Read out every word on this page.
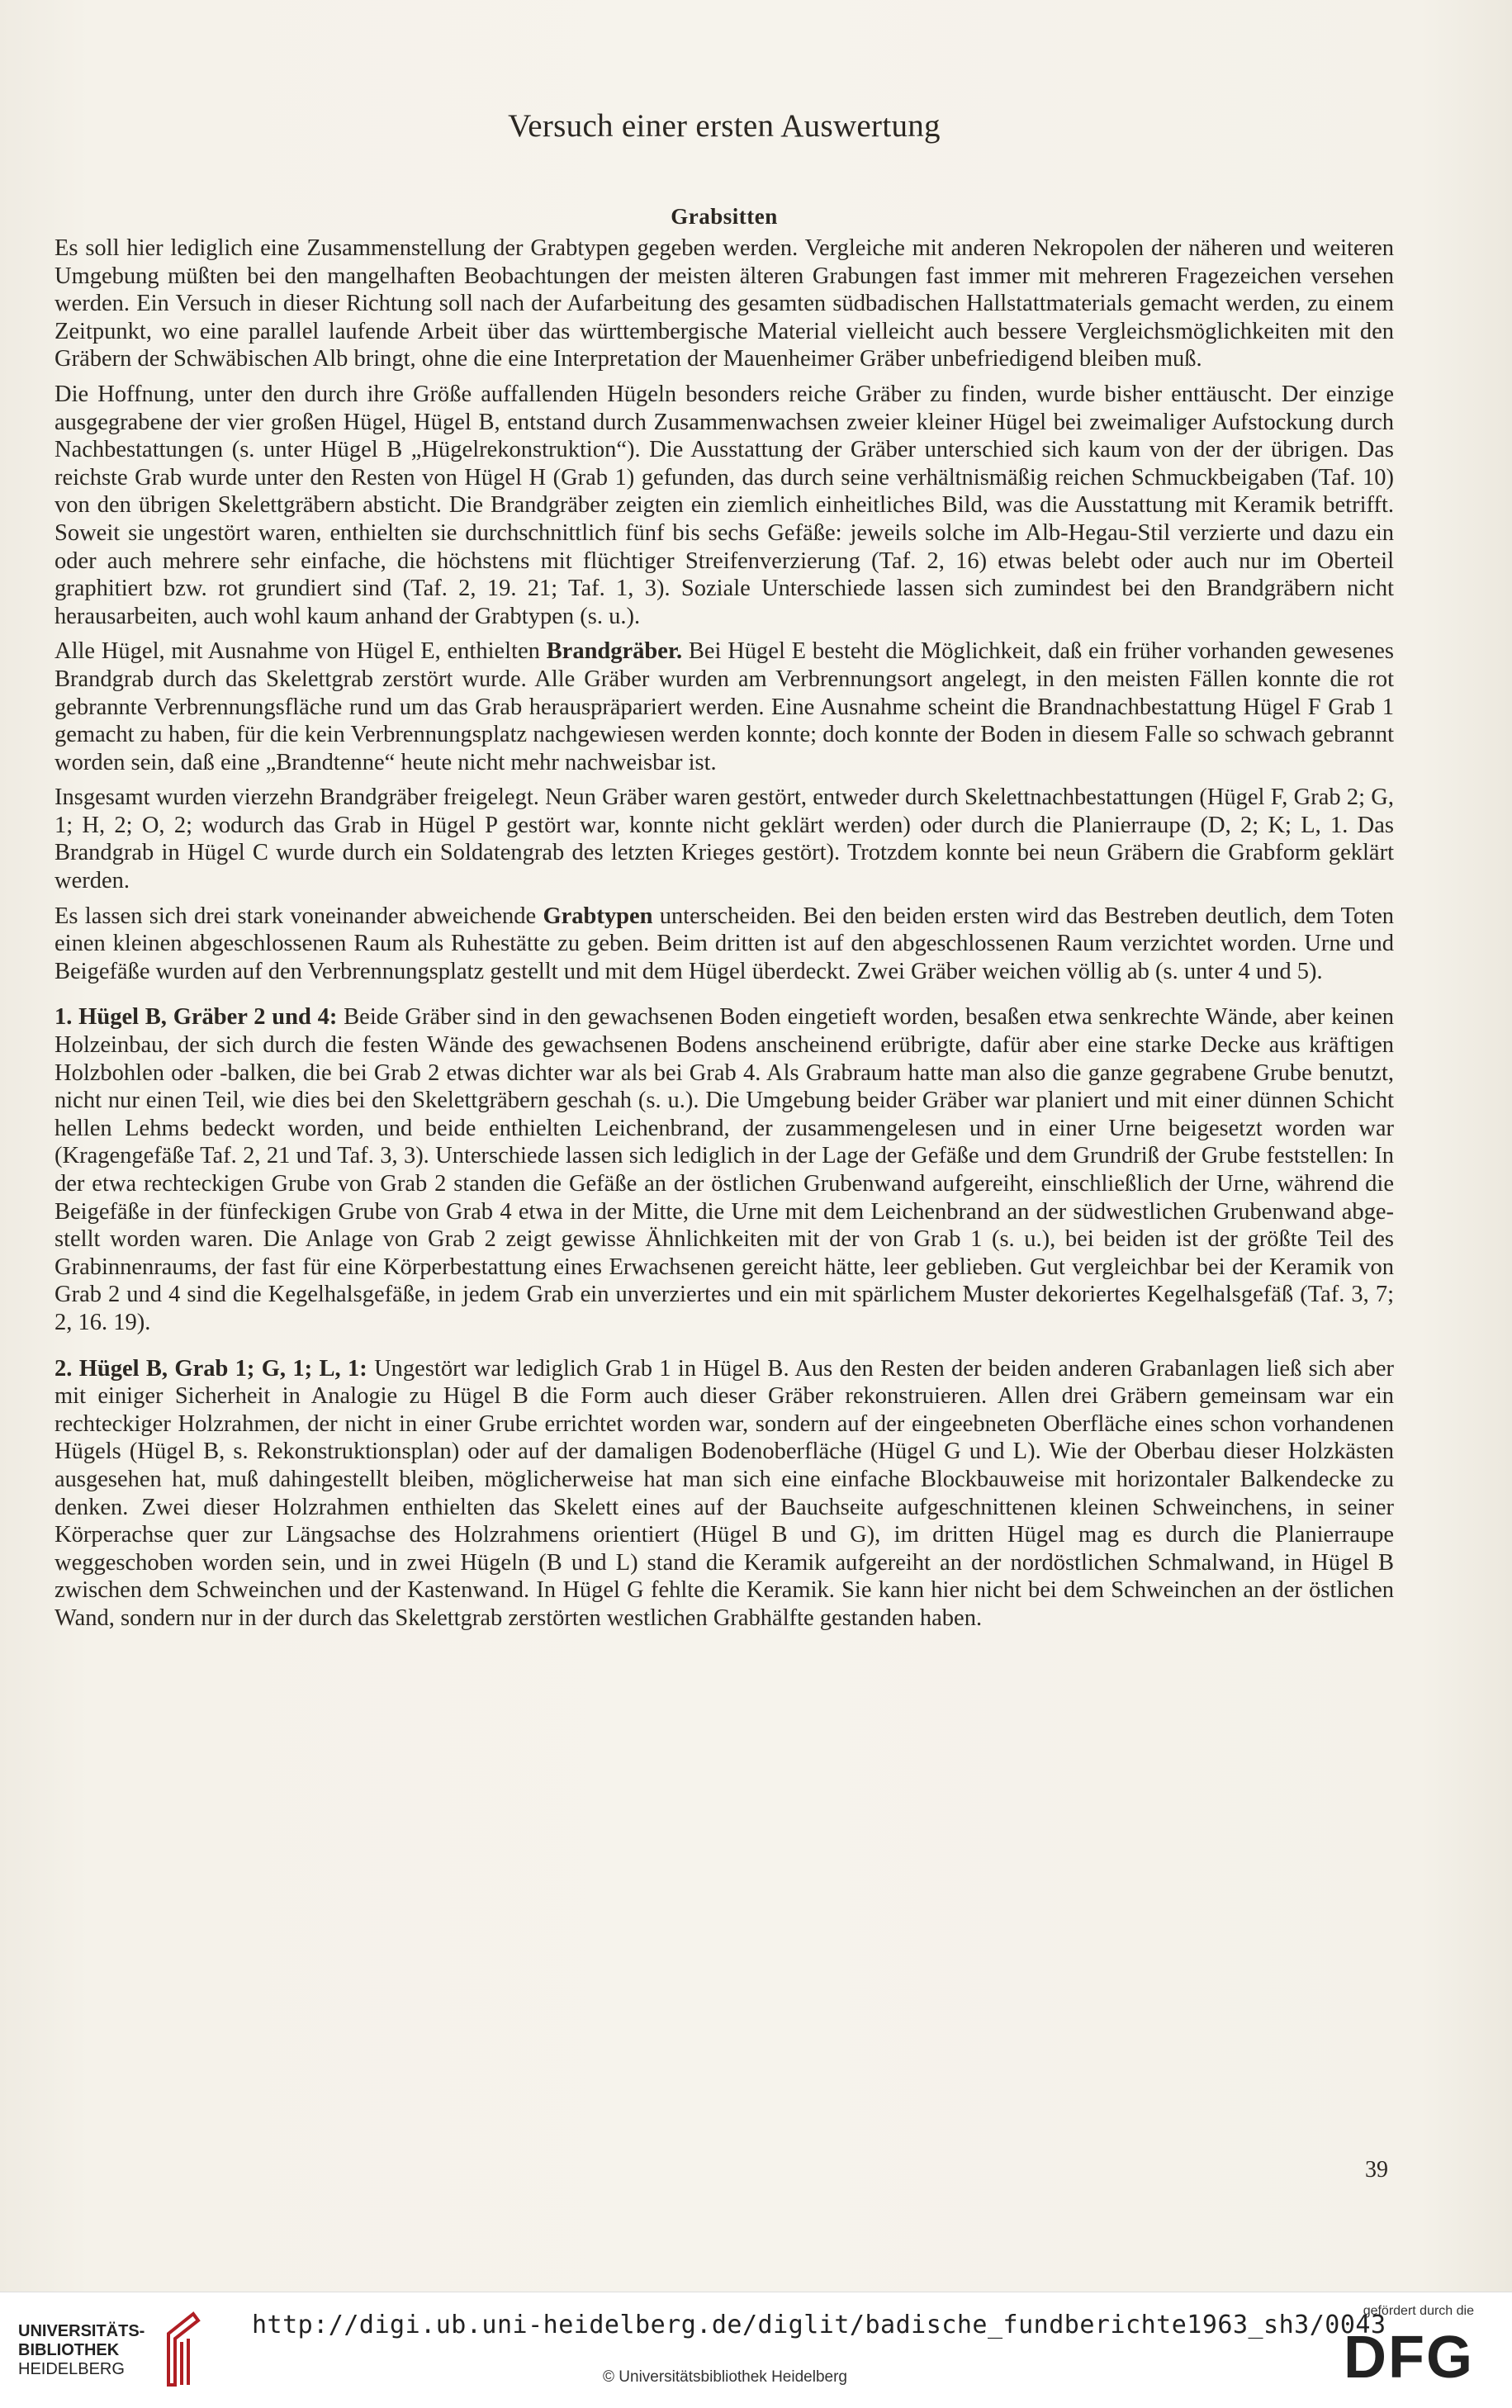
Versuch einer ersten Auswertung
Grabsitten

Es soll hier lediglich eine Zusammenstellung der Grabtypen gegeben werden. Vergleiche mit anderen Nekropolen der näheren und weiteren Umgebung müßten bei den mangelhaften Beobachtungen der meisten älteren Grabungen fast immer mit mehreren Fragezeichen versehen werden. Ein Versuch in dieser Richtung soll nach der Aufarbeitung des gesamten südbadischen Hallstattmaterials gemacht werden, zu einem Zeitpunkt, wo eine parallel laufende Arbeit über das württembergische Material vielleicht auch bessere Vergleichsmöglichkeiten mit den Gräbern der Schwäbischen Alb bringt, ohne die eine Interpretation der Mauenheimer Gräber unbefriedigend bleiben muß.

Die Hoffnung, unter den durch ihre Größe auffallenden Hügeln besonders reiche Gräber zu finden, wurde bisher enttäuscht. Der einzige ausgegrabene der vier großen Hügel, Hügel B, entstand durch Zusammenwachsen zweier kleiner Hügel bei zweimaliger Aufstockung durch Nachbestattungen (s. unter Hügel B „Hügelrekonstruktion“). Die Ausstattung der Gräber unterschied sich kaum von der der übrigen. Das reichste Grab wurde unter den Resten von Hügel H (Grab 1) gefunden, das durch seine verhältnismäßig reichen Schmuckbeigaben (Taf. 10) von den übrigen Skelettgräbern absticht. Die Brandgräber zeigten ein ziemlich einheitliches Bild, was die Ausstattung mit Keramik betrifft. Soweit sie ungestört waren, enthielten sie durchschnittlich fünf bis sechs Gefäße: jeweils solche im Alb-Hegau-Stil verzierte und dazu ein oder auch mehrere sehr einfache, die höchstens mit flüchtiger Streifenverzierung (Taf. 2, 16) etwas belebt oder auch nur im Oberteil graphitiert bzw. rot grundiert sind (Taf. 2, 19. 21; Taf. 1, 3). Soziale Unterschiede lassen sich zumindest bei den Brandgräbern nicht herausarbeiten, auch wohl kaum anhand der Grabtypen (s. u.).

Alle Hügel, mit Ausnahme von Hügel E, enthielten Brandgräber. Bei Hügel E besteht die Möglichkeit, daß ein früher vorhanden gewesenes Brandgrab durch das Skelettgrab zerstört wurde. Alle Gräber wurden am Verbrennungsort angelegt, in den meisten Fällen konnte die rot gebrannte Verbrennungsfläche rund um das Grab herauspräpariert werden. Eine Ausnahme scheint die Brandnachbestattung Hügel F Grab 1 gemacht zu haben, für die kein Verbrennungsplatz nachgewiesen werden konnte; doch konnte der Boden in diesem Falle so schwach gebrannt worden sein, daß eine „Brandtenne“ heute nicht mehr nachweisbar ist.

Insgesamt wurden vierzehn Brandgräber freigelegt. Neun Gräber waren gestört, entweder durch Skelettnachbestattungen (Hügel F, Grab 2; G, 1; H, 2; O, 2; wodurch das Grab in Hügel P gestört war, konnte nicht geklärt werden) oder durch die Planierraupe (D, 2; K; L, 1. Das Brandgrab in Hügel C wurde durch ein Soldatengrab des letzten Krieges gestört). Trotzdem konnte bei neun Gräbern die Grabform geklärt werden.

Es lassen sich drei stark voneinander abweichende Grabtypen unterscheiden. Bei den beiden ersten wird das Bestreben deutlich, dem Toten einen kleinen abgeschlossenen Raum als Ruhestätte zu geben. Beim dritten ist auf den abgeschlossenen Raum verzichtet worden. Urne und Beigefäße wurden auf den Verbrennungsplatz gestellt und mit dem Hügel überdeckt. Zwei Gräber weichen völlig ab (s. unter 4 und 5).

1. Hügel B, Gräber 2 und 4: Beide Gräber sind in den gewachsenen Boden eingetieft worden, besaßen etwa senkrechte Wände, aber keinen Holzeinbau, der sich durch die festen Wände des gewachsenen Bodens anscheinend erübrigte, dafür aber eine starke Decke aus kräftigen Holzbohlen oder -balken, die bei Grab 2 etwas dichter war als bei Grab 4. Als Grabraum hatte man also die ganze gegrabene Grube benutzt, nicht nur einen Teil, wie dies bei den Skelettgräbern geschah (s. u.). Die Umgebung beider Gräber war planiert und mit einer dünnen Schicht hellen Lehms bedeckt worden, und beide enthielten Leichenbrand, der zusammengelesen und in einer Urne beigesetzt worden war (Kragengefäße Taf. 2, 21 und Taf. 3, 3). Unterschiede lassen sich lediglich in der Lage der Gefäße und dem Grundriß der Grube feststellen: In der etwa rechteckigen Grube von Grab 2 standen die Gefäße an der östlichen Grubenwand aufgereiht, einschließlich der Urne, während die Beigefäße in der fünfeckigen Grube von Grab 4 etwa in der Mitte, die Urne mit dem Leichenbrand an der südwestlichen Grubenwand abgestellt worden waren. Die Anlage von Grab 2 zeigt gewisse Ähnlichkeiten mit der von Grab 1 (s. u.), bei beiden ist der größte Teil des Grabinnenraums, der fast für eine Körperbestattung eines Erwachsenen gereicht hätte, leer geblieben. Gut vergleichbar bei der Keramik von Grab 2 und 4 sind die Kegelhalsgefäße, in jedem Grab ein unverziertes und ein mit spärlichem Muster dekoriertes Kegelhalsgefäß (Taf. 3, 7; 2, 16. 19).

2. Hügel B, Grab 1; G, 1; L, 1: Ungestört war lediglich Grab 1 in Hügel B. Aus den Resten der beiden anderen Grabanlagen ließ sich aber mit einiger Sicherheit in Analogie zu Hügel B die Form auch dieser Gräber rekonstruieren. Allen drei Gräbern gemeinsam war ein rechteckiger Holzrahmen, der nicht in einer Grube errichtet worden war, sondern auf der eingeebneten Oberfläche eines schon vorhandenen Hügels (Hügel B, s. Rekonstruktionsplan) oder auf der damaligen Bodenoberfläche (Hügel G und L). Wie der Oberbau dieser Holzkästen ausgesehen hat, muß dahingestellt bleiben, möglicherweise hat man sich eine einfache Blockbauweise mit horizontaler Balkendecke zu denken. Zwei dieser Holzrahmen enthielten das Skelett eines auf der Bauchseite aufgeschnittenen kleinen Schweinchens, in seiner Körperachse quer zur Längsachse des Holzrahmens orientiert (Hügel B und G), im dritten Hügel mag es durch die Planierraupe weggeschoben worden sein, und in zwei Hügeln (B und L) stand die Keramik aufgereiht an der nordöstlichen Schmalwand, in Hügel B zwischen dem Schweinchen und der Kastenwand. In Hügel G fehlte die Keramik. Sie kann hier nicht bei dem Schweinchen an der östlichen Wand, sondern nur in der durch das Skelettgrab zerstörten westlichen Grabhälfte gestanden haben.

39
UNIVERSITÄTS-
BIBLIOTHEK
HEIDELBERG
http://digi.ub.uni-heidelberg.de/diglit/badische_fundberichte1963_sh3/0043
© Universitätsbibliothek Heidelberg
gefördert durch die
DFG
